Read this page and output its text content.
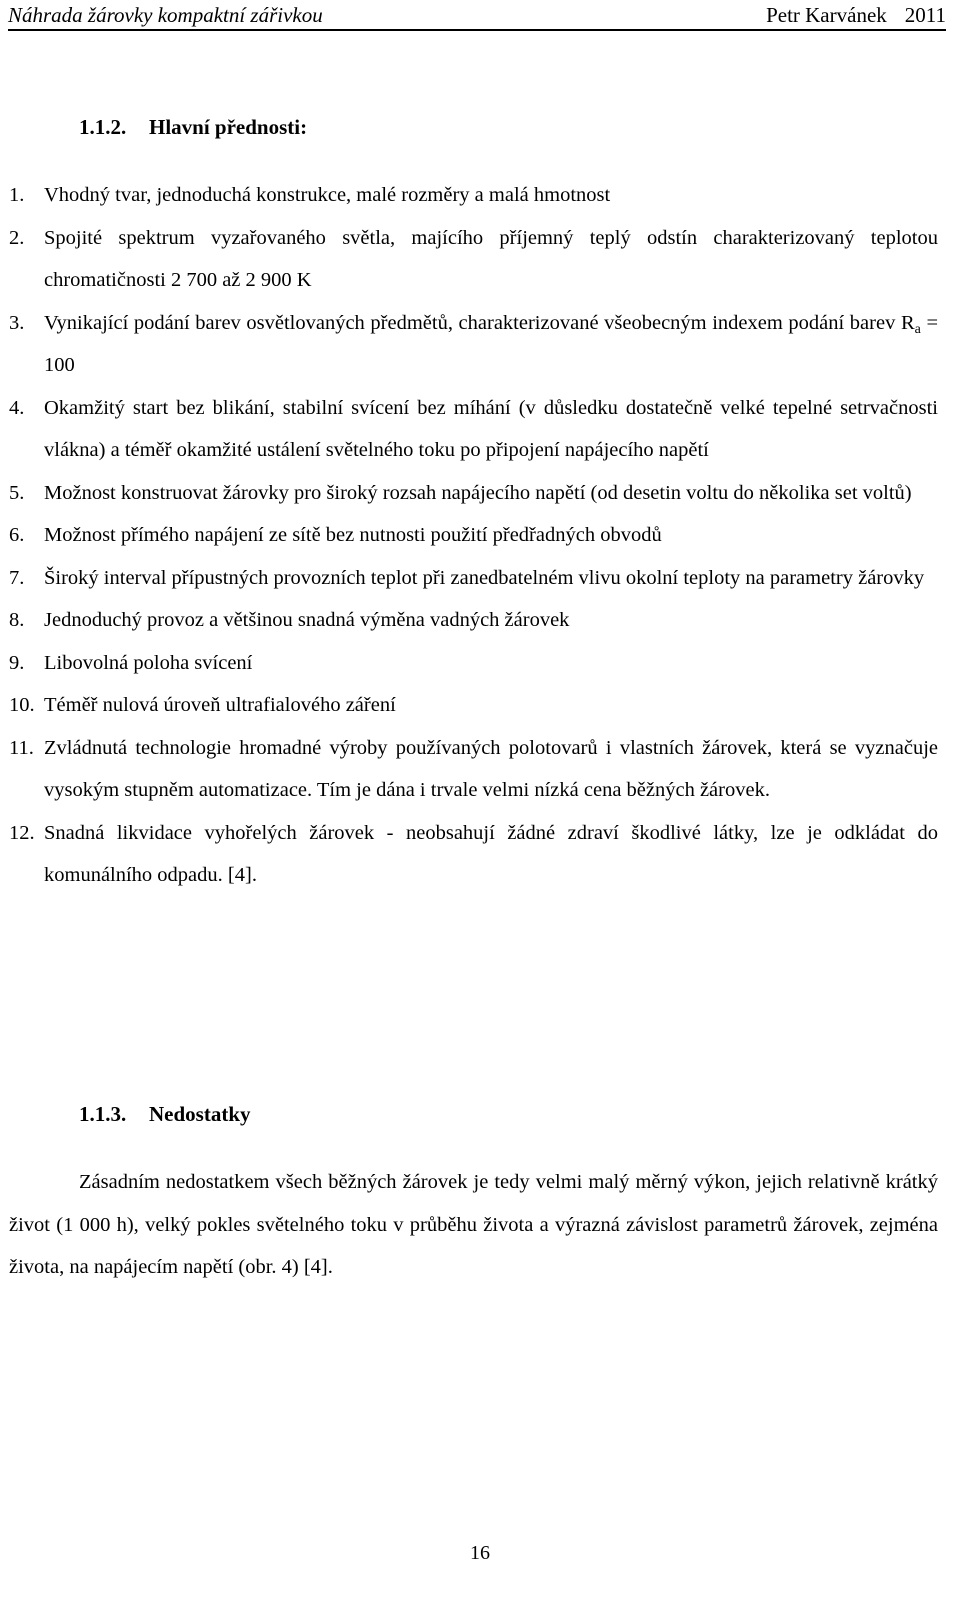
Náhrada žárovky kompaktní zářivkou	Petr Karvánek 2011
1.1.2. Hlavní přednosti:
1. Vhodný tvar, jednoduchá konstrukce, malé rozměry a malá hmotnost
2. Spojité spektrum vyzařovaného světla, majícího příjemný teplý odstín charakterizovaný teplotou chromatičnosti 2 700 až 2 900 K
3. Vynikající podání barev osvětlovaných předmětů, charakterizované všeobecným indexem podání barev $R_a = 100$
4. Okamžitý start bez blikání, stabilní svícení bez míhání (v důsledku dostatečně velké tepelné setrvačnosti vlákna) a téměř okamžité ustálení světelného toku po připojení napájecího napětí
5. Možnost konstruovat žárovky pro široký rozsah napájecího napětí (od desetin voltu do několika set voltů)
6. Možnost přímého napájení ze sítě bez nutnosti použití předřadných obvodů
7. Široký interval přípustných provozních teplot při zanedbatelném vlivu okolní teploty na parametry žárovky
8. Jednoduchý provoz a většinou snadná výměna vadných žárovek
9. Libovolná poloha svícení
10. Téměř nulová úroveň ultrafialového záření
11. Zvládnutá technologie hromadné výroby používaných polotovarů i vlastních žárovek, která se vyznačuje vysokým stupněm automatizace. Tím je dána i trvale velmi nízká cena běžných žárovek.
12. Snadná likvidace vyhořelých žárovek - neobsahují žádné zdraví škodlivé látky, lze je odkládat do komunálního odpadu. [4].
1.1.3. Nedostatky

Zásadním nedostatkem všech běžných žárovek je tedy velmi malý měrný výkon, jejich relativně krátký život (1 000 h), velký pokles světelného toku v průběhu života a výrazná závislost parametrů žárovek, zejména života, na napájecím napětí (obr. 4) [4].

16
